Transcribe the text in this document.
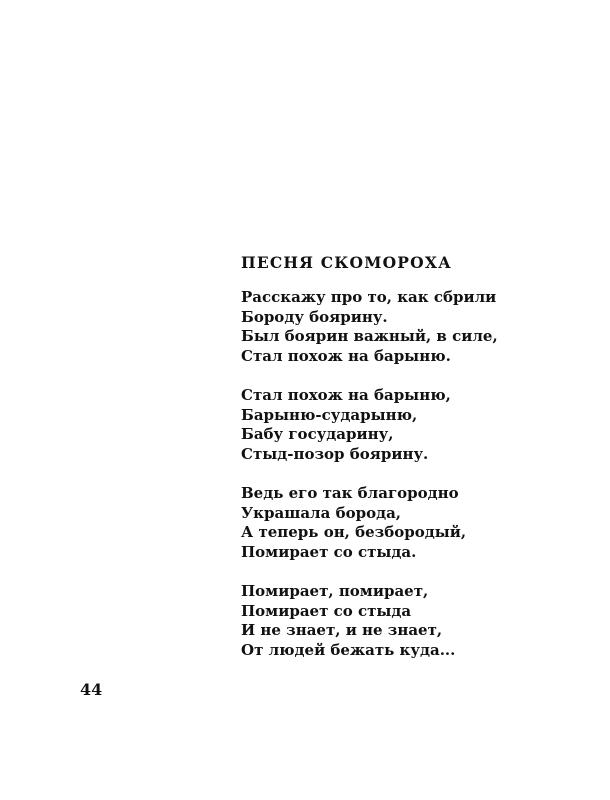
ПЕСНЯ СКОМОРОХА
Расскажу про то, как сбрили
Бороду боярину.
Был боярин важный, в силе,
Стал похож на барыню.
Стал похож на барыню,
Барыню-сударыню,
Бабу государину,
Стыд-позор боярину.
Ведь его так благородно
Украшала борода,
А теперь он, безбородый,
Помирает со стыда.
Помирает, помирает,
Помирает со стыда
И не знает, и не знает,
От людей бежать куда...
44
